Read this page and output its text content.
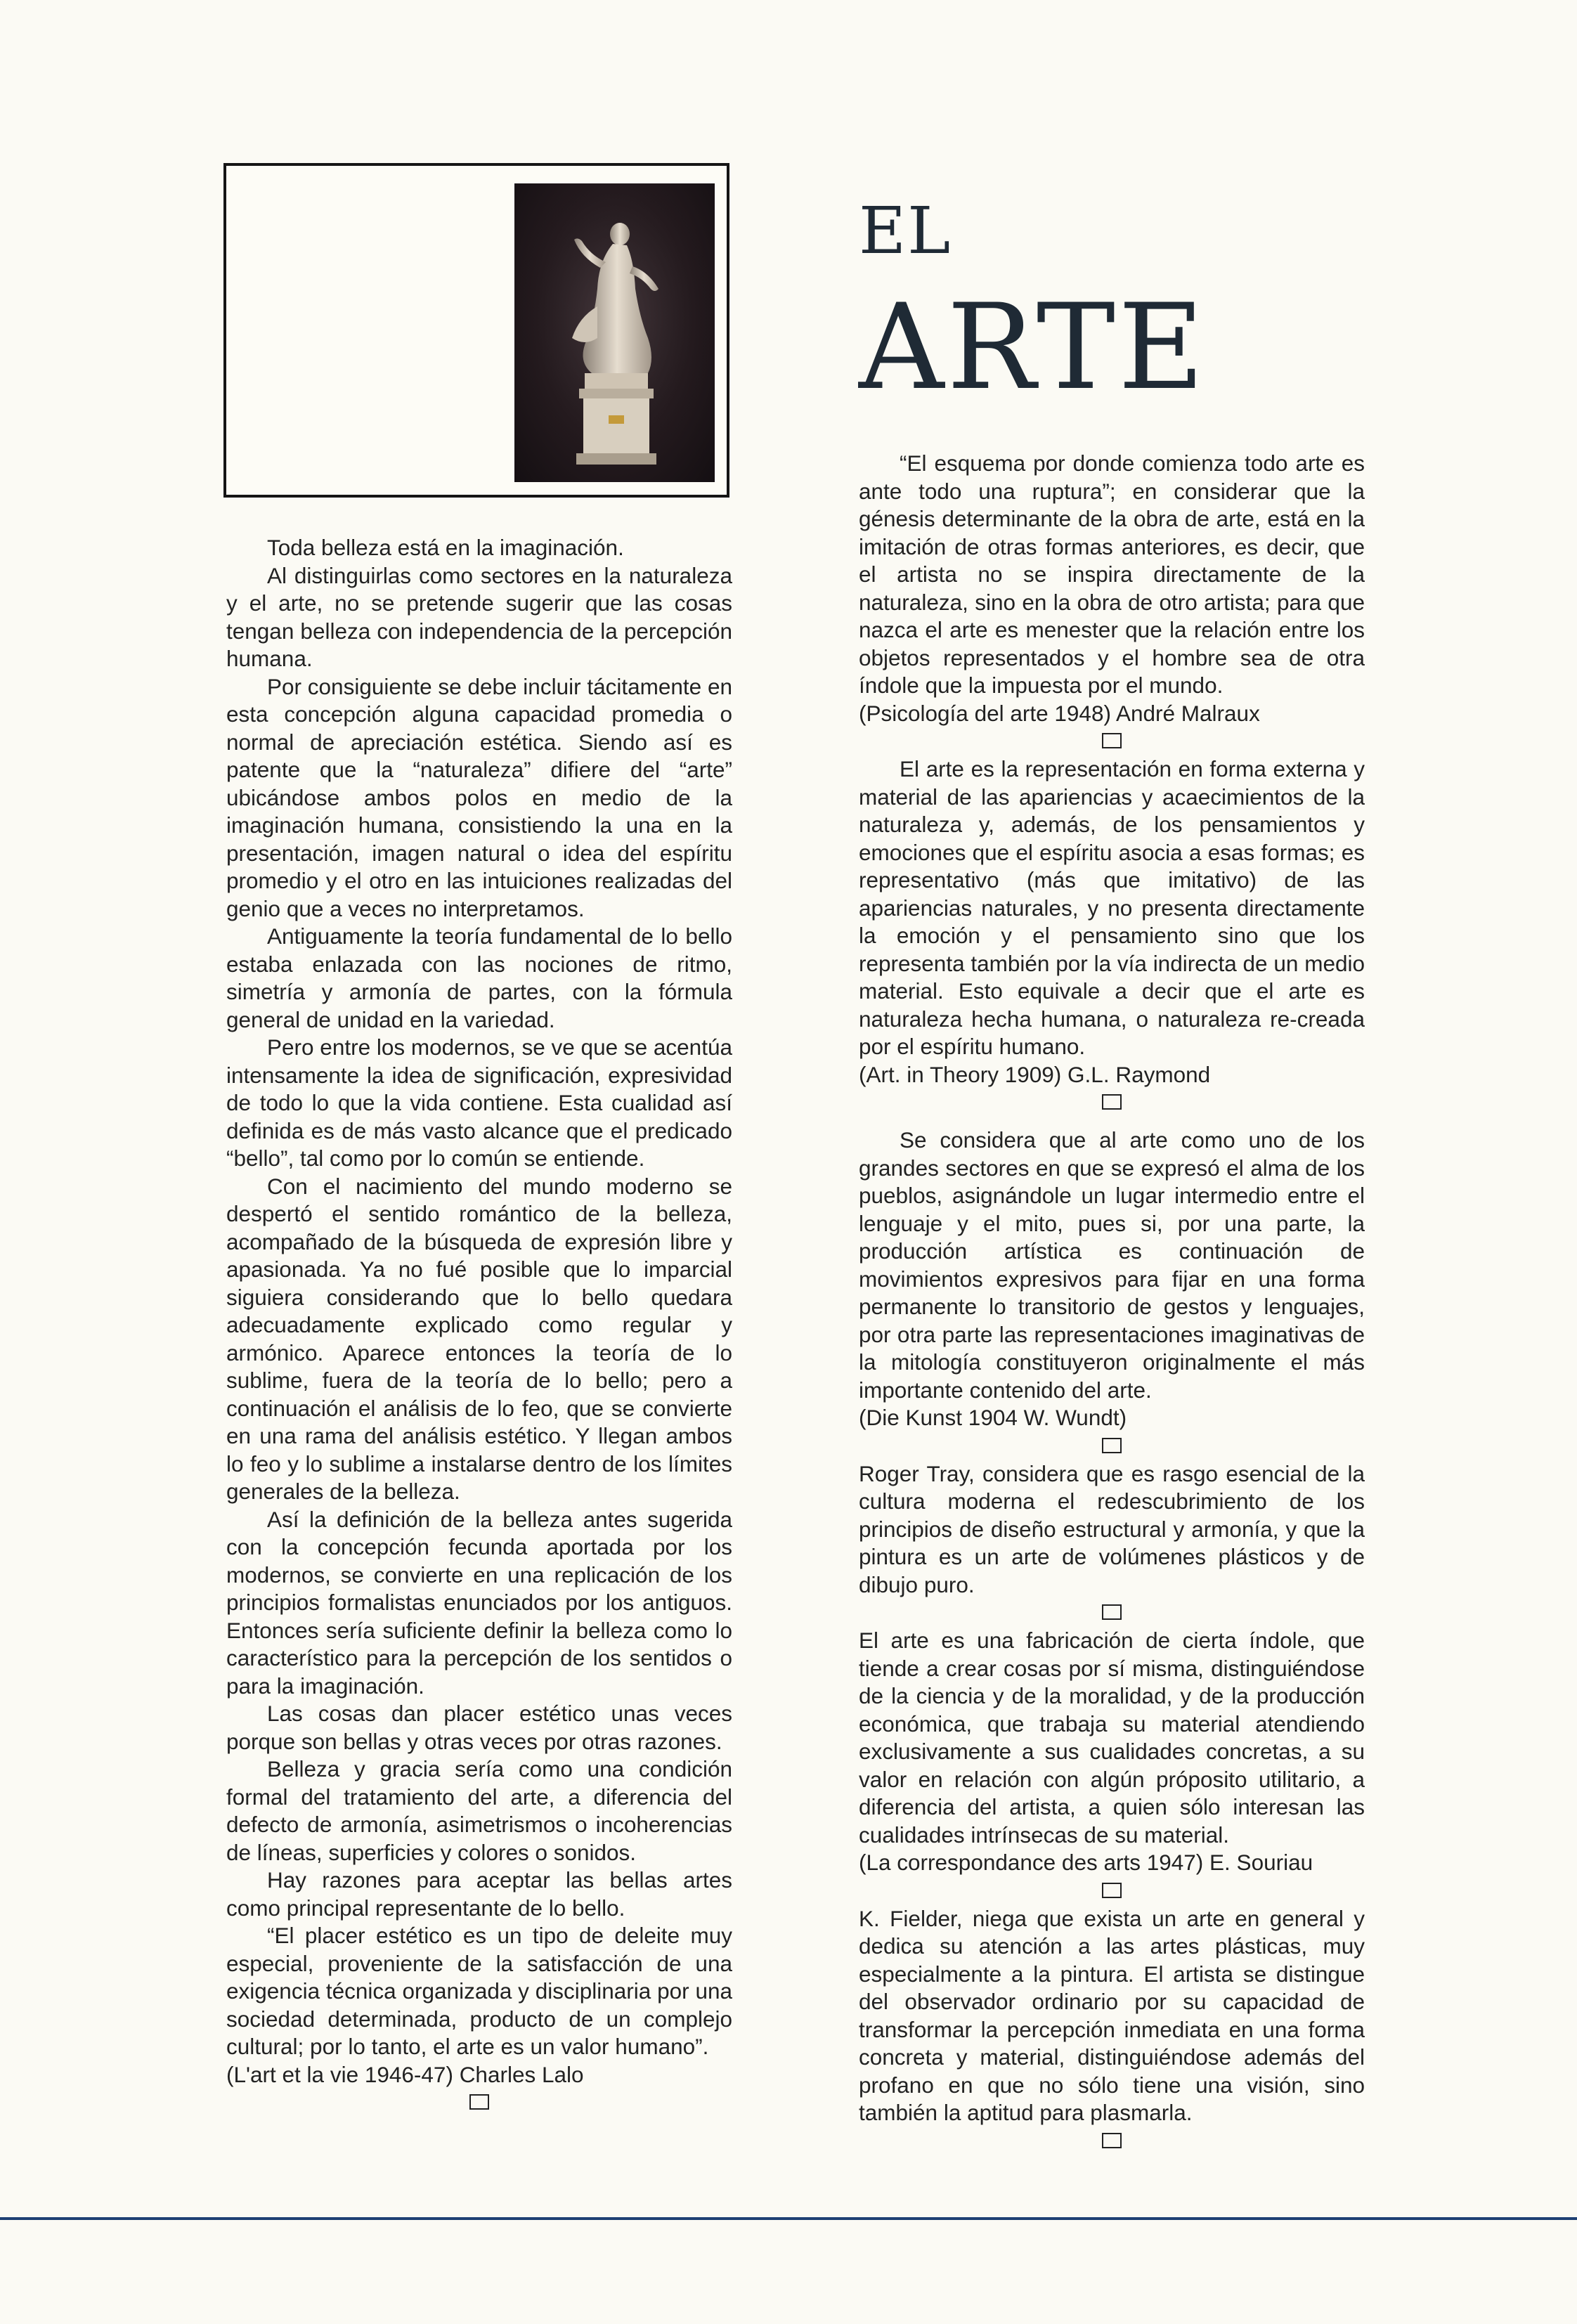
EL
ARTE

Toda belleza está en la imaginación.

Al distinguirlas como sectores en la naturaleza y el arte, no se pretende sugerir que las cosas tengan belleza con independencia de la percepción humana.

Por consiguiente se debe incluir tácitamente en esta concepción alguna capacidad promedia o normal de apreciación estética. Siendo así es patente que la “naturaleza” difiere del “arte” ubicándose ambos polos en medio de la imaginación humana, consistiendo la una en la presentación, imagen natural o idea del espíritu promedio y el otro en las intuiciones realizadas del genio que a veces no interpretamos.

Antiguamente la teoría fundamental de lo bello estaba enlazada con las nociones de ritmo, simetría y armonía de partes, con la fórmula general de unidad en la variedad.

Pero entre los modernos, se ve que se acentúa intensamente la idea de significación, expresividad de todo lo que la vida contiene. Esta cualidad así definida es de más vasto alcance que el predicado “bello”, tal como por lo común se entiende.

Con el nacimiento del mundo moderno se despertó el sentido romántico de la belleza, acompañado de la búsqueda de expresión libre y apasionada. Ya no fué posible que lo imparcial siguiera considerando que lo bello quedara adecuadamente explicado como regular y armónico. Aparece entonces la teoría de lo sublime, fuera de la teoría de lo bello; pero a continuación el análisis de lo feo, que se convierte en una rama del análisis estético. Y llegan ambos lo feo y lo sublime a instalarse dentro de los límites generales de la belleza.

Así la definición de la belleza antes sugerida con la concepción fecunda aportada por los modernos, se convierte en una replicación de los principios formalistas enunciados por los antiguos. Entonces sería suficiente definir la belleza como lo característico para la percepción de los sentidos o para la imaginación.

Las cosas dan placer estético unas veces porque son bellas y otras veces por otras razones.

Belleza y gracia sería como una condición formal del tratamiento del arte, a diferencia del defecto de armonía, asimetrismos o incoherencias de líneas, superficies y colores o sonidos.

Hay razones para aceptar las bellas artes como principal representante de lo bello.

“El placer estético es un tipo de deleite muy especial, proveniente de la satisfacción de una exigencia técnica organizada y disciplinaria por una sociedad determinada, producto de un complejo cultural; por lo tanto, el arte es un valor humano”.

(L'art et la vie 1946-47) Charles Lalo

“El esquema por donde comienza todo arte es ante todo una ruptura”; en considerar que la génesis determinante de la obra de arte, está en la imitación de otras formas anteriores, es decir, que el artista no se inspira directamente de la naturaleza, sino en la obra de otro artista; para que nazca el arte es menester que la relación entre los objetos representados y el hombre sea de otra índole que la impuesta por el mundo.

(Psicología del arte 1948) André Malraux

El arte es la representación en forma externa y material de las apariencias y acaecimientos de la naturaleza y, además, de los pensamientos y emociones que el espíritu asocia a esas formas; es representativo (más que imitativo) de las apariencias naturales, y no presenta directamente la emoción y el pensamiento sino que los representa también por la vía indirecta de un medio material. Esto equivale a decir que el arte es naturaleza hecha humana, o naturaleza re-creada por el espíritu humano.

(Art. in Theory 1909) G.L. Raymond

Se considera que al arte como uno de los grandes sectores en que se expresó el alma de los pueblos, asignándole un lugar intermedio entre el lenguaje y el mito, pues si, por una parte, la producción artística es continuación de movimientos expresivos para fijar en una forma permanente lo transitorio de gestos y lenguajes, por otra parte las representaciones imaginativas de la mitología constituyeron originalmente el más importante contenido del arte.

(Die Kunst 1904 W. Wundt)

Roger Tray, considera que es rasgo esencial de la cultura moderna el redescubrimiento de los principios de diseño estructural y armonía, y que la pintura es un arte de volúmenes plásticos y de dibujo puro.

El arte es una fabricación de cierta índole, que tiende a crear cosas por sí misma, distinguiéndose de la ciencia y de la moralidad, y de la producción económica, que trabaja su material atendiendo exclusivamente a sus cualidades concretas, a su valor en relación con algún próposito utilitario, a diferencia del artista, a quien sólo interesan las cualidades intrínsecas de su material.

(La correspondance des arts 1947) E. Souriau

K. Fielder, niega que exista un arte en general y dedica su atención a las artes plásticas, muy especialmente a la pintura. El artista se distingue del observador ordinario por su capacidad de transformar la percepción inmediata en una forma concreta y material, distinguiéndose además del profano en que no sólo tiene una visión, sino también la aptitud para plasmarla.
